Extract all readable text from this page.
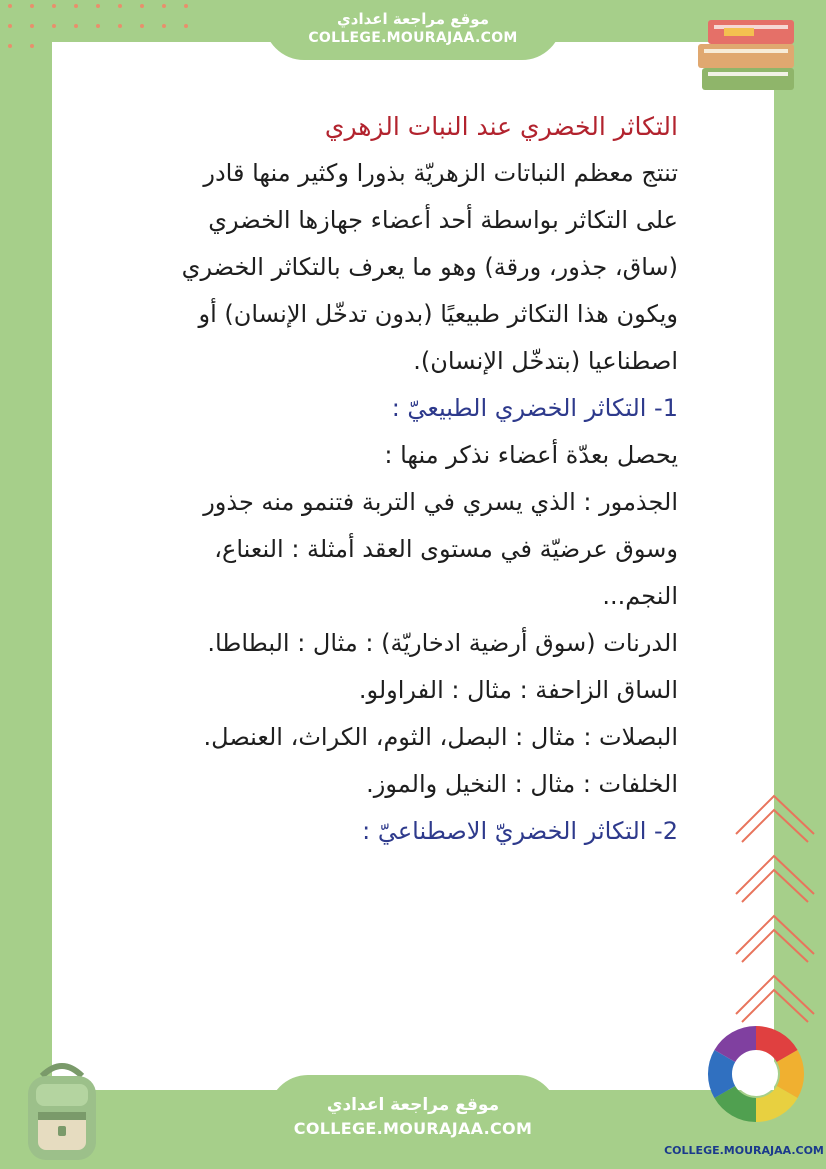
موقع مراجعة اعدادي
COLLEGE.MOURAJAA.COM
التكاثر الخضري عند النبات الزهري
تنتج معظم النباتات الزهريّة بذورا وكثير منها قادر
على التكاثر بواسطة أحد أعضاء جهازها الخضري
(ساق، جذور، ورقة) وهو ما يعرف بالتكاثر الخضري
ويكون هذا التكاثر طبيعيًا (بدون تدخّل الإنسان) أو
اصطناعيا (بتدخّل الإنسان).
1- التكاثر الخضري الطبيعيّ :
يحصل بعدّة أعضاء نذكر منها :
الجذمور : الذي يسري في التربة فتنمو منه جذور
وسوق عرضيّة في مستوى العقد أمثلة : النعناع،
النجم...
الدرنات (سوق أرضية ادخاريّة) : مثال : البطاطا.
الساق الزاحفة : مثال : الفراولو.
البصلات : مثال : البصل، الثوم، الكراث، العنصل.
الخلفات : مثال : النخيل والموز.
2- التكاثر الخضريّ الاصطناعيّ :
موقع مراجعة اعدادي
COLLEGE.MOURAJAA.COM
COLLEGE.MOURAJAA.COM
